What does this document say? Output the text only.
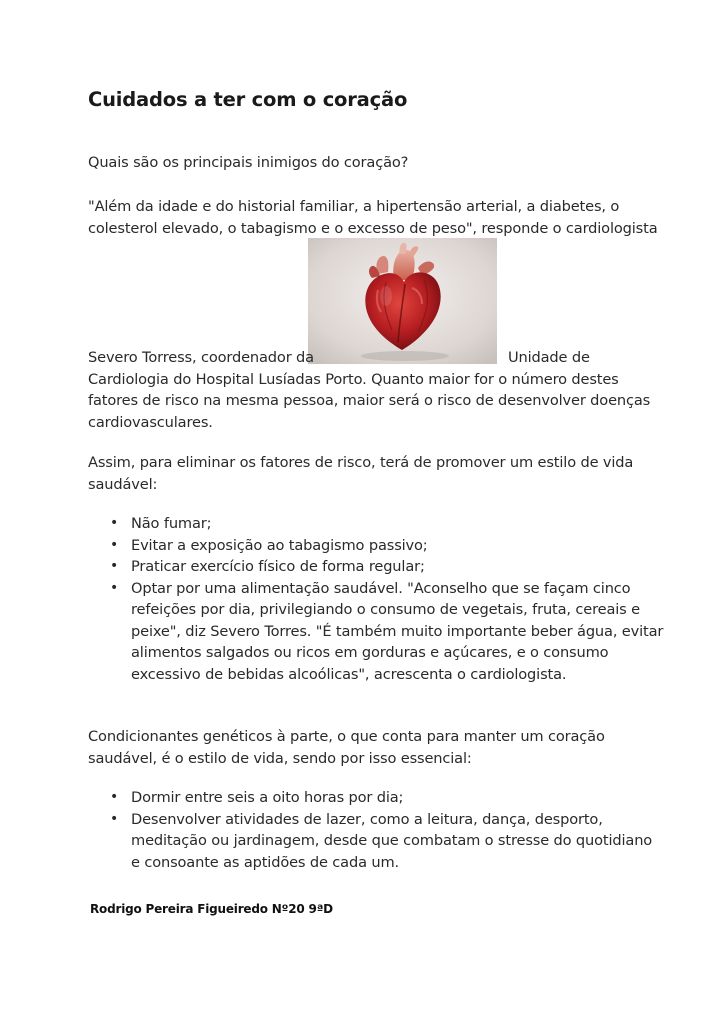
Cuidados a ter com o coração
Quais são os principais inimigos do coração?
"Além da idade e do historial familiar, a hipertensão arterial, a diabetes, o
colesterol elevado, o tabagismo e o excesso de peso", responde o cardiologista
Severo Torress, coordenador da	Unidade de
Cardiologia do Hospital Lusíadas Porto. Quanto maior for o número destes
fatores de risco na mesma pessoa, maior será o risco de desenvolver doenças
cardiovasculares.
Assim, para eliminar os fatores de risco, terá de promover um estilo de vida
saudável:
• Não fumar;
• Evitar a exposição ao tabagismo passivo;
• Praticar exercício físico de forma regular;
• Optar por uma alimentação saudável. "Aconselho que se façam cinco
refeições por dia, privilegiando o consumo de vegetais, fruta, cereais e
peixe", diz Severo Torres. "É também muito importante beber água, evitar
alimentos salgados ou ricos em gorduras e açúcares, e o consumo
excessivo de bebidas alcoólicas", acrescenta o cardiologista.
Condicionantes genéticos à parte, o que conta para manter um coração
saudável, é o estilo de vida, sendo por isso essencial:
• Dormir entre seis a oito horas por dia;
• Desenvolver atividades de lazer, como a leitura, dança, desporto,
meditação ou jardinagem, desde que combatam o stresse do quotidiano
e consoante as aptidões de cada um.
Rodrigo Pereira Figueiredo Nº20 9ªD
